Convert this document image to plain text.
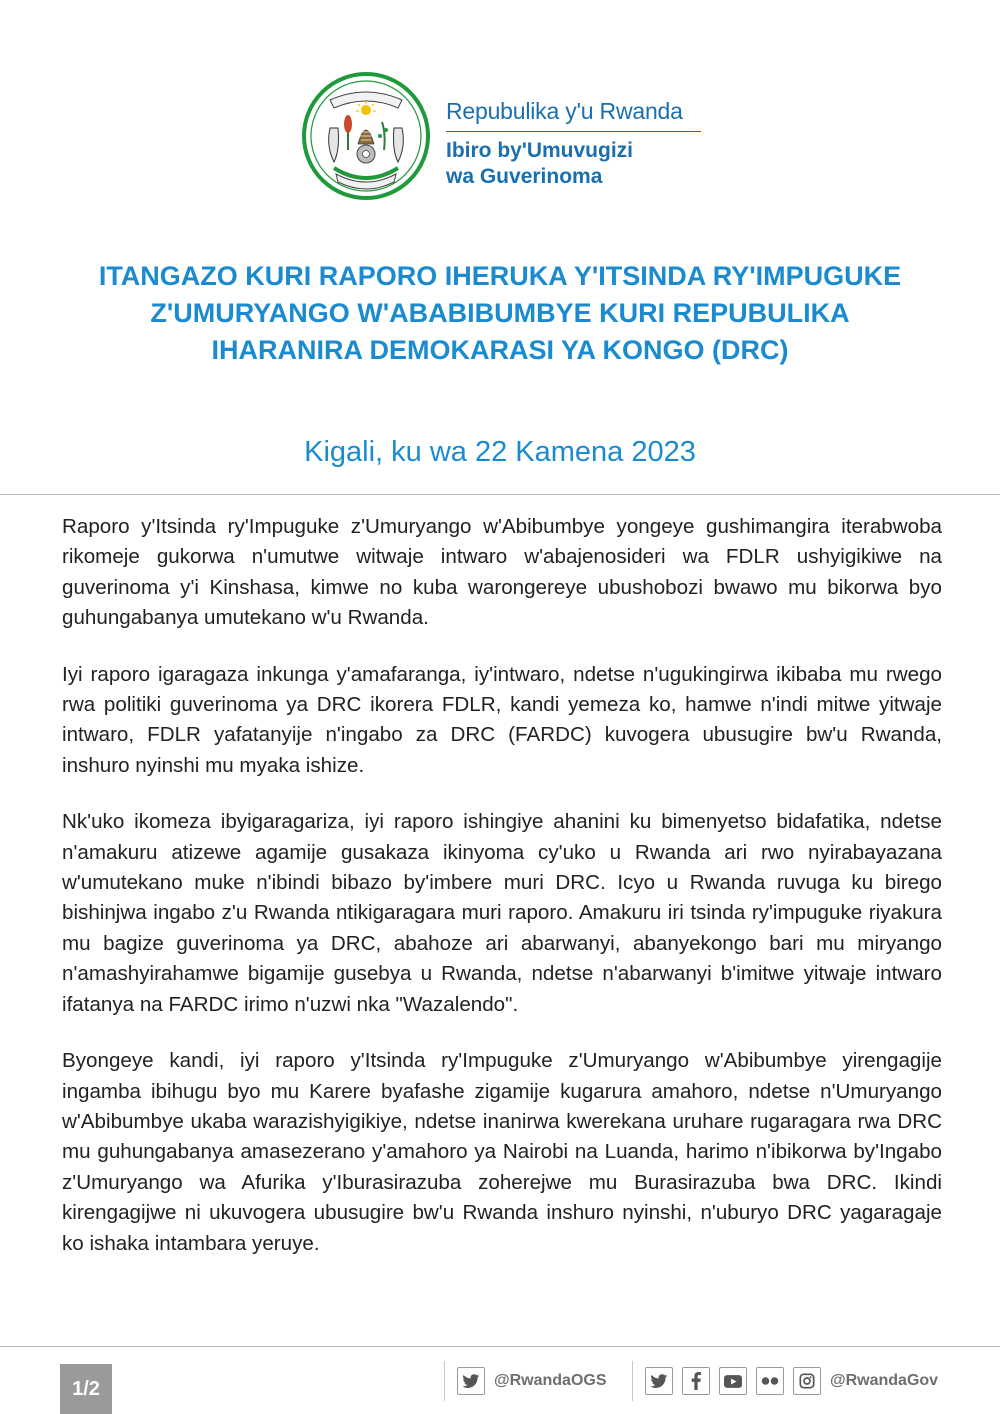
Repubulika y'u Rwanda
Ibiro by'Umuvugizi
wa Guverinoma
ITANGAZO KURI RAPORO IHERUKA Y'ITSINDA RY'IMPUGUKE Z'UMURYANGO W'ABABIBUMBYE KURI REPUBULIKA IHARANIRA DEMOKARASI YA KONGO (DRC)
Kigali, ku wa 22 Kamena 2023

Raporo y'Itsinda ry'Impuguke z'Umuryango w'Abibumbye yongeye gushimangira iterabwoba rikomeje gukorwa n'umutwe witwaje intwaro w'abajenosideri wa FDLR ushyigikiwe na guverinoma y'i Kinshasa, kimwe no kuba warongereye ubushobozi bwawo mu bikorwa byo guhungabanya umutekano w'u Rwanda.

Iyi raporo igaragaza inkunga y'amafaranga, iy'intwaro, ndetse n'ugukingirwa ikibaba mu rwego rwa politiki guverinoma ya DRC ikorera FDLR, kandi yemeza ko, hamwe n'indi mitwe yitwaje intwaro, FDLR yafatanyije n'ingabo za DRC (FARDC) kuvogera ubusugire bw'u Rwanda, inshuro nyinshi mu myaka ishize.

Nk'uko ikomeza ibyigaragariza, iyi raporo ishingiye ahanini ku bimenyetso bidafatika, ndetse n'amakuru atizewe agamije gusakaza ikinyoma cy'uko u Rwanda ari rwo nyirabayazana w'umutekano muke n'ibindi bibazo by'imbere muri DRC. Icyo u Rwanda ruvuga ku birego bishinjwa ingabo z'u Rwanda ntikigaragara muri raporo. Amakuru iri tsinda ry'impuguke riyakura mu bagize guverinoma ya DRC, abahoze ari abarwanyi, abanyekongo bari mu miryango n'amashyirahamwe bigamije gusebya u Rwanda, ndetse n'abarwanyi b'imitwe yitwaje intwaro ifatanya na FARDC irimo n'uzwi nka "Wazalendo".

Byongeye kandi, iyi raporo y'Itsinda ry'Impuguke z'Umuryango w'Abibumbye yirengagije ingamba ibihugu byo mu Karere byafashe zigamije kugarura amahoro, ndetse n'Umuryango w'Abibumbye ukaba warazishyigikiye, ndetse inanirwa kwerekana uruhare rugaragara rwa DRC mu guhungabanya amasezerano y'amahoro ya Nairobi na Luanda, harimo n'ibikorwa by'Ingabo z'Umuryango wa Afurika y'Iburasirazuba zoherejwe mu Burasirazuba bwa DRC. Ikindi kirengagijwe ni ukuvogera ubusugire bw'u Rwanda inshuro nyinshi, n'uburyo DRC yagaragaje ko ishaka intambara yeruye.

1/2	@RwandaOGS	@RwandaGov
